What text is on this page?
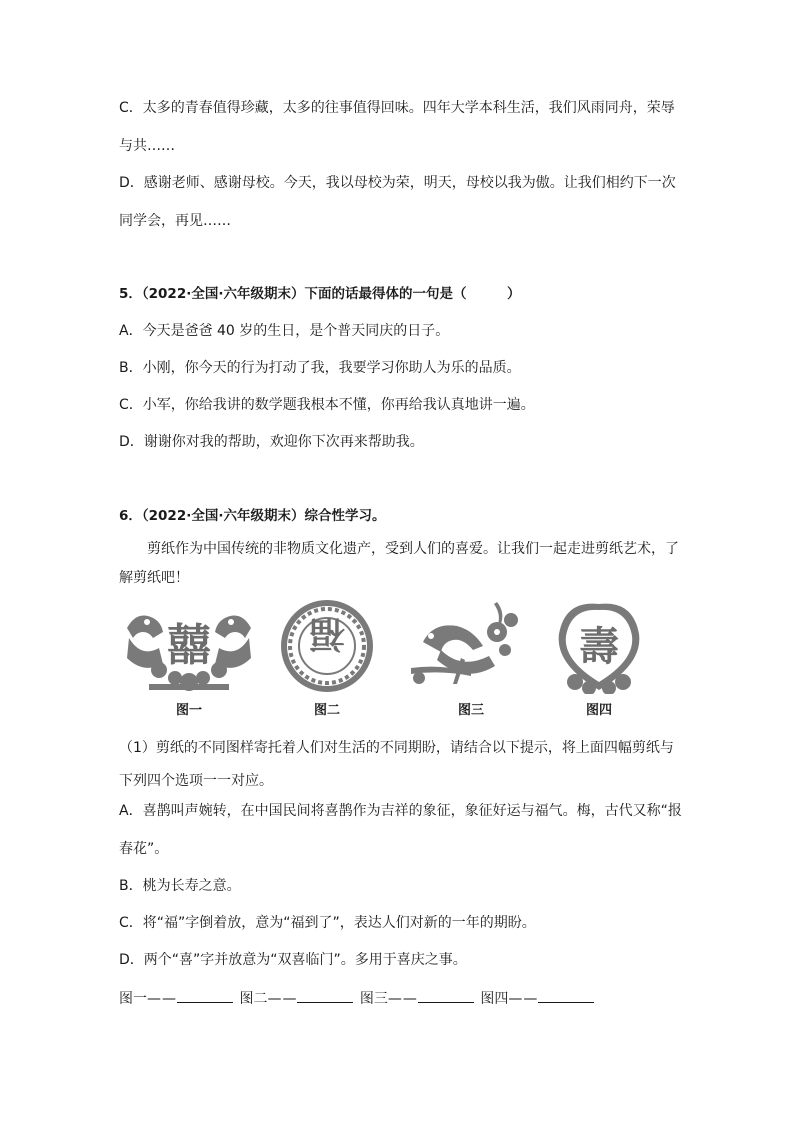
C．太多的青春值得珍藏，太多的往事值得回味。四年大学本科生活，我们风雨同舟，荣辱
与共……
D．感谢老师、感谢母校。今天，我以母校为荣，明天，母校以我为傲。让我们相约下一次
同学会，再见……
5．（2022·全国·六年级期末）下面的话最得体的一句是（　　　）
A．今天是爸爸 40 岁的生日，是个普天同庆的日子。
B．小刚，你今天的行为打动了我，我要学习你助人为乐的品质。
C．小军，你给我讲的数学题我根本不懂，你再给我认真地讲一遍。
D．谢谢你对我的帮助，欢迎你下次再来帮助我。
6．（2022·全国·六年级期末）综合性学习。
剪纸作为中国传统的非物质文化遗产，受到人们的喜爱。让我们一起走进剪纸艺术，了
解剪纸吧！
囍
图一
福
图二	图三
壽
图四
（1）剪纸的不同图样寄托着人们对生活的不同期盼，请结合以下提示，将上面四幅剪纸与
下列四个选项一一对应。
A．喜鹊叫声婉转，在中国民间将喜鹊作为吉祥的象征，象征好运与福气。梅，古代又称“报
春花”。
B．桃为长寿之意。
C．将“福”字倒着放，意为“福到了”，表达人们对新的一年的期盼。
D．两个“喜”字并放意为“双喜临门”。多用于喜庆之事。
图一——	图二——	图三——	图四——
